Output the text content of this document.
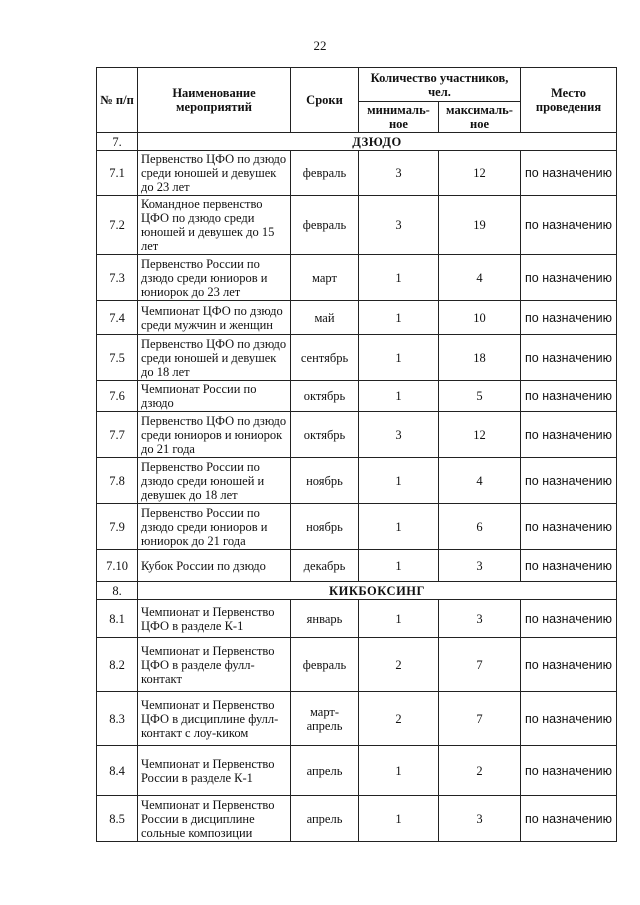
22
№ п/п	Наименование мероприятий	Сроки	Количество участников, чел.		Место проведения
			минималь-ное	максималь-ное	
7.	ДЗЮДО				
7.1	Первенство ЦФО по дзюдо среди юношей и девушек до 23 лет	февраль	3	12	по назначению
7.2	Командное первенство ЦФО по дзюдо среди юношей и девушек до 15 лет	февраль	3	19	по назначению
7.3	Первенство России по дзюдо среди юниоров и юниорок до 23 лет	март	1	4	по назначению
7.4	Чемпионат ЦФО по дзюдо среди мужчин и женщин	май	1	10	по назначению
7.5	Первенство ЦФО по дзюдо среди юношей и девушек до 18 лет	сентябрь	1	18	по назначению
7.6	Чемпионат России по дзюдо	октябрь	1	5	по назначению
7.7	Первенство ЦФО по дзюдо среди юниоров и юниорок до 21 года	октябрь	3	12	по назначению
7.8	Первенство России по дзюдо среди юношей и девушек до 18 лет	ноябрь	1	4	по назначению
7.9	Первенство России по дзюдо среди юниоров и юниорок до 21 года	ноябрь	1	6	по назначению
7.10	Кубок России по дзюдо	декабрь	1	3	по назначению
8.	КИКБОКСИНГ				
8.1	Чемпионат и Первенство ЦФО в разделе К-1	январь	1	3	по назначению
8.2	Чемпионат и Первенство ЦФО в разделе фулл-контакт	февраль	2	7	по назначению
8.3	Чемпионат и Первенство ЦФО в дисциплине фулл-контакт с лоу-киком	март-апрель	2	7	по назначению
8.4	Чемпионат и Первенство России в разделе К-1	апрель	1	2	по назначению
8.5	Чемпионат и Первенство России в дисциплине сольные композиции	апрель	1	3	по назначению
